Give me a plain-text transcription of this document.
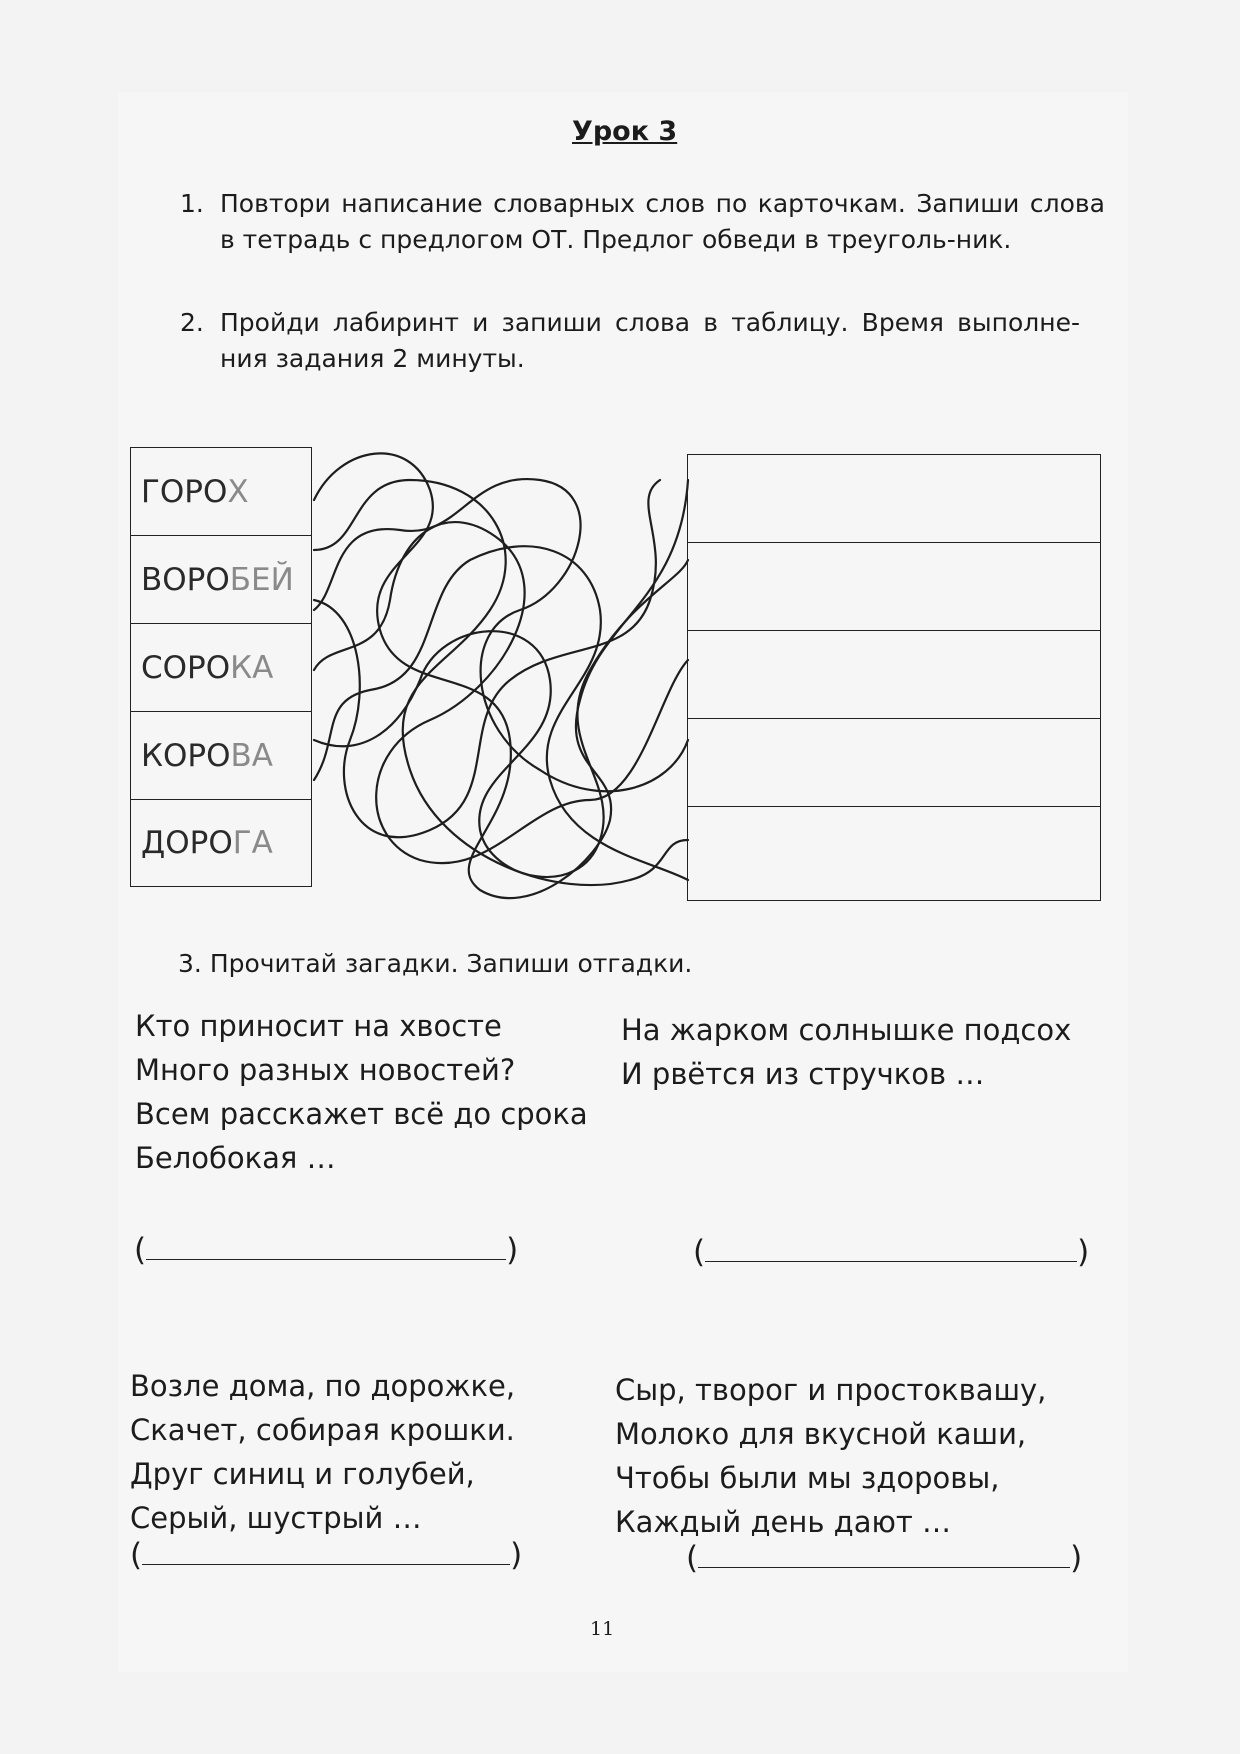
Урок 3
1. Повтори написание словарных слов по карточкам. Запиши слова в тетрадь с предлогом ОТ. Предлог обведи в треуголь-ник.
2. Пройди лабиринт и запиши слова в таблицу. Время выполне-ния задания 2 минуты.
ГОРО Х
ВОРО БЕЙ
СОРО КА
КОРО ВА
ДОРО ГА
3. Прочитай загадки. Запиши отгадки.
Кто приносит на хвосте
Много разных новостей?
Всем расскажет всё до срока
Белобокая …
На жарком солнышке подсох
И рвётся из стручков …
Возле дома, по дорожке,
Скачет, собирая крошки.
Друг синиц и голубей,
Серый, шустрый …
Сыр, творог и простоквашу,
Молоко для вкусной каши,
Чтобы были мы здоровы,
Каждый день дают …
(	)	(	)
(	)	(	)
11
